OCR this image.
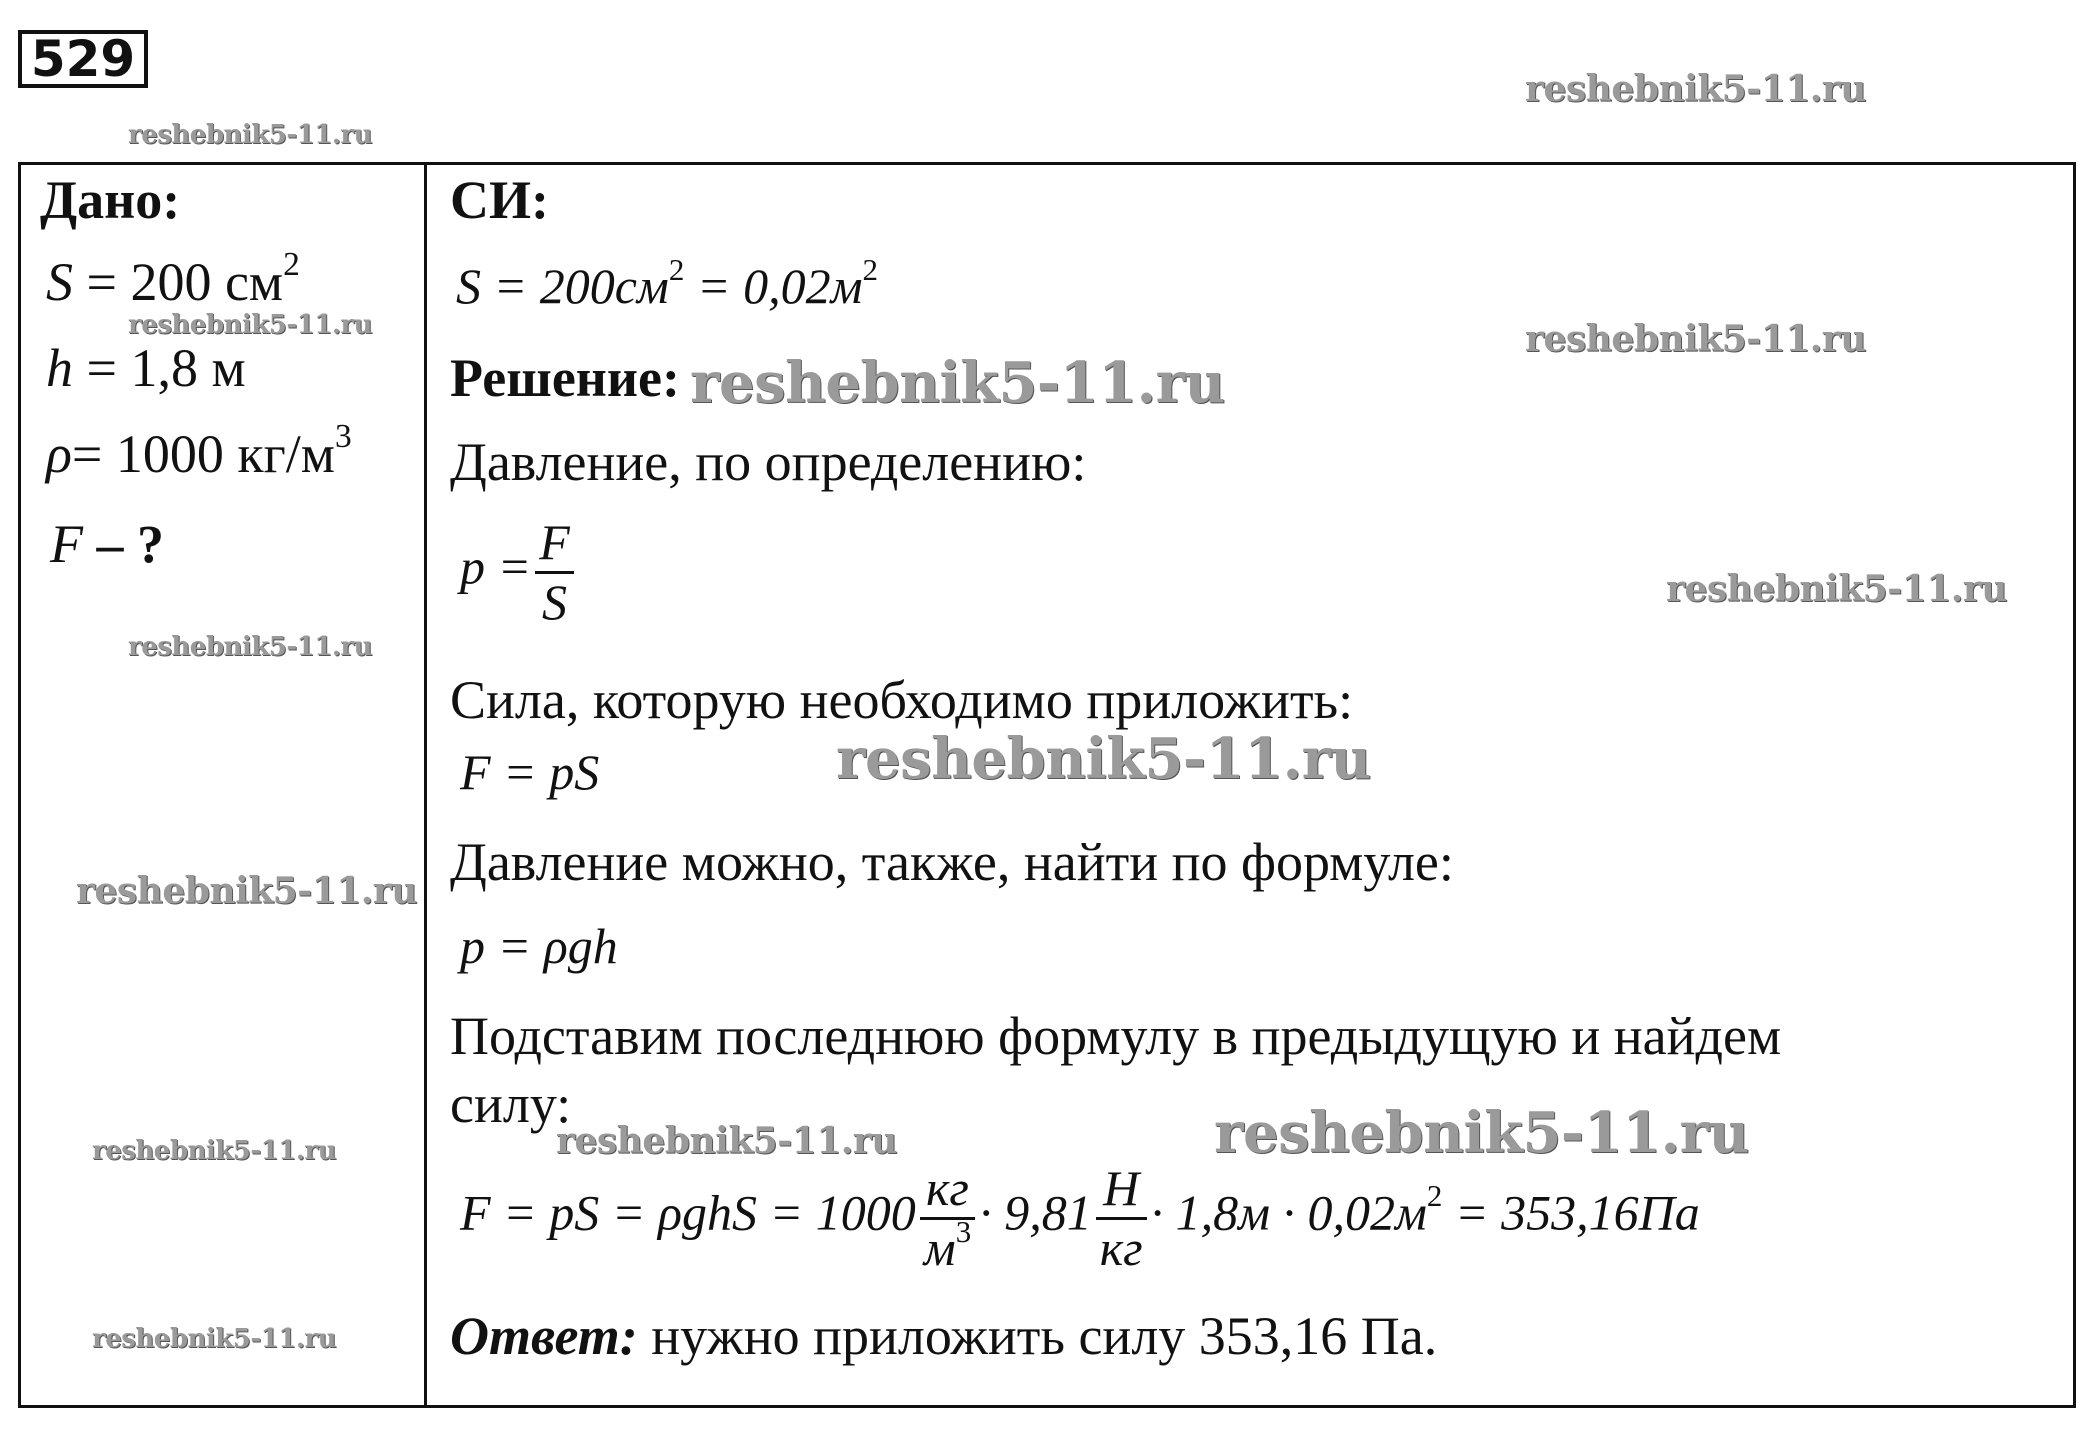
529
reshebnik5-11.ru
reshebnik5-11.ru
Дано:
S = 200 $см^2$
reshebnik5-11.ru
h = 1,8 м
ρ= 1000 $кг/м^3$
F – ?
reshebnik5-11.ru
reshebnik5-11.ru
reshebnik5-11.ru
reshebnik5-11.ru
СИ:
$S = 200см^2 = 0,02м^2$
reshebnik5-11.ru
Решение: reshebnik5-11.ru
Давление, по определению:
$p = \frac{F}{S}$	reshebnik5-11.ru
Сила, которую необходимо приложить:
F = pS	reshebnik5-11.ru
Давление можно, также, найти по формуле:
p = ρgh
Подставим последнюю формулу в предыдущую и найдем
силу:
reshebnik5-11.ru	reshebnik5-11.ru
F = pS = $\rho ghS = 1000 \frac{кг}{м^3} \cdot 9,81 \frac{Н}{кг} \cdot 1,8м \cdot 0,02м^2 = 353,16Па$
Ответ: нужно приложить силу 353,16 Па.
